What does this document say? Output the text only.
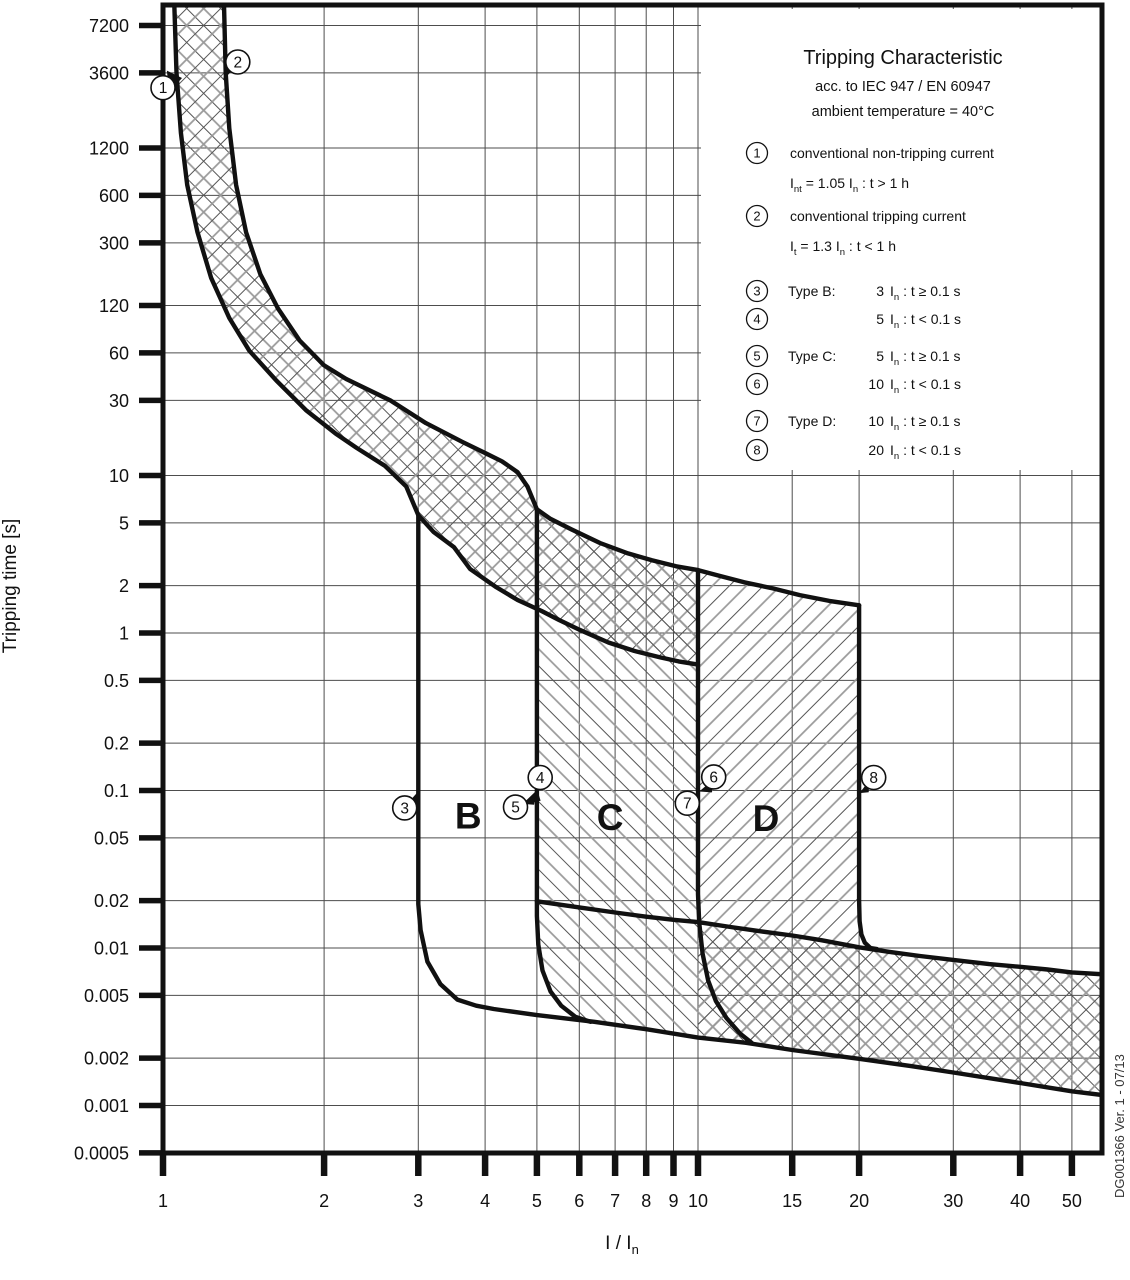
7200
3600
1200
600
300
120
60
30
10
5
2
1
0.5
0.2
0.1
0.05
0.02
0.01
0.005
0.002
0.001
0.0005
1	2	3	4 5 6 7 8 9 10	15	20	30	40 50
1
2
3
4
5
6
7
8
B	C	D
1 conventional non-tripping current
$I_{nt} = 1.05$ $I_n$ : t > 1 h
2 conventional tripping current
$I_t = 1.3$ $I_n$ : t < 1 h
3 Type B:	3 $I_n$ : t ≥ 0.1 s
4	5 $I_n$ : t < 0.1 s
5 Type C:	5 $I_n$ : t ≥ 0.1 s
6	10 $I_n$ : t < 0.1 s
7 Type D: 10 $I_n$ : t ≥ 0.1 s
8	20 $I_n$ : t < 0.1 s
I / $I_n$
Tripping Characteristic
acc. to IEC 947 / EN 60947
ambient temperature = 40°C
Tripping time [s]
DG001366 Ver. 1 - 07/13
